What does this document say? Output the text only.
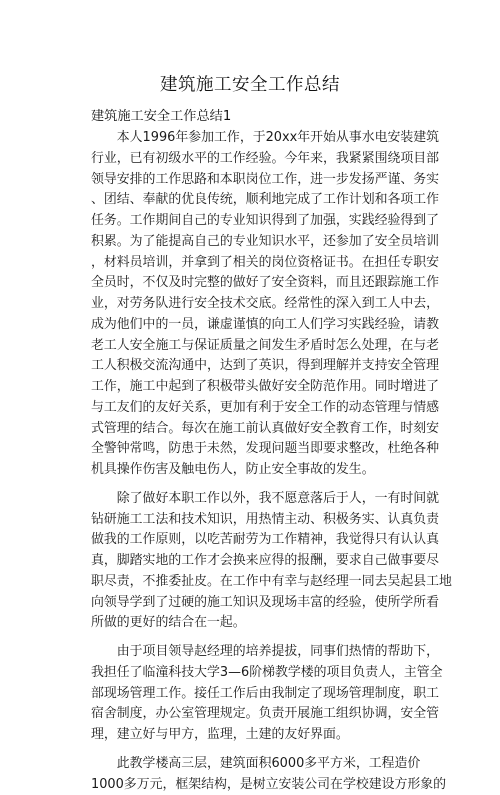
建筑施工安全工作总结
建筑施工安全工作总结1

　　本人1996年参加工作，于20xx年开始从事水电安装建筑
行业，已有初级水平的工作经验。今年来，我紧紧围绕项目部
领导安排的工作思路和本职岗位工作，进一步发扬严谨、务实
、团结、奉献的优良传统，顺利地完成了工作计划和各项工作
任务。工作期间自己的专业知识得到了加强，实践经验得到了
积累。为了能提高自己的专业知识水平，还参加了安全员培训
，材料员培训，并拿到了相关的岗位资格证书。在担任专职安
全员时，不仅及时完整的做好了安全资料，而且还跟踪施工作
业，对劳务队进行安全技术交底。经常性的深入到工人中去，
成为他们中的一员，谦虚谨慎的向工人们学习实践经验，请教
老工人安全施工与保证质量之间发生矛盾时怎么处理，在与老
工人积极交流沟通中，达到了英识，得到理解并支持安全管理
工作，施工中起到了积极带头做好安全防范作用。同时增进了
与工友们的友好关系，更加有利于安全工作的动态管理与情感
式管理的结合。每次在施工前认真做好安全教育工作，时刻安
全警钟常鸣，防患于未然，发现问题当即要求整改，杜绝各种
机具操作伤害及触电伤人，防止安全事故的发生。

　　除了做好本职工作以外，我不愿意落后于人，一有时间就
钻研施工工法和技术知识，用热情主动、积极务实、认真负责
做我的工作原则，以吃苦耐劳为工作精神，我觉得只有认认真
真，脚踏实地的工作才会换来应得的报酬，要求自己做事要尽
职尽责，不推委扯皮。在工作中有幸与赵经理一同去吴起县工地
向领导学到了过硬的施工知识及现场丰富的经验，使所学所看
所做的更好的结合在一起。

　　由于项目领导赵经理的培养提拔，同事们热情的帮助下，
我担任了临潼科技大学3—6阶梯教学楼的项目负责人，主管全
部现场管理工作。接任工作后由我制定了现场管理制度，职工
宿舍制度，办公室管理规定。负责开展施工组织协调，安全管
理，建立好与甲方，监理，土建的友好界面。

　　此教学楼高三层，建筑面积6000多平方米，工程造价
1000多万元，框架结构，是树立安装公司在学校建设方形象的
